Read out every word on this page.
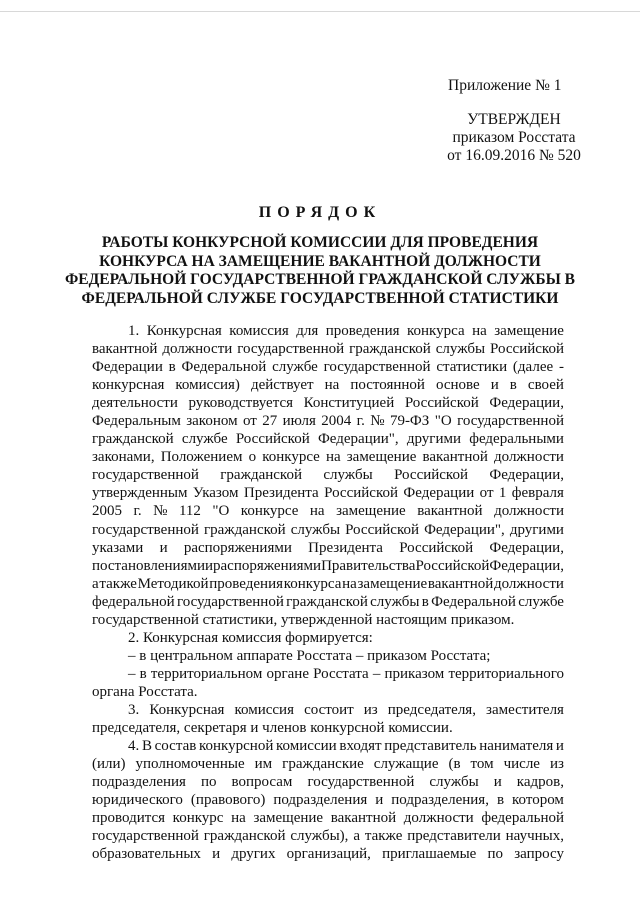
Приложение № 1
УТВЕРЖДЕН
приказом Росстата
от 16.09.2016 № 520
ПОРЯДОК
РАБОТЫ КОНКУРСНОЙ КОМИССИИ ДЛЯ ПРОВЕДЕНИЯ
КОНКУРСА НА ЗАМЕЩЕНИЕ ВАКАНТНОЙ ДОЛЖНОСТИ
ФЕДЕРАЛЬНОЙ ГОСУДАРСТВЕННОЙ ГРАЖДАНСКОЙ СЛУЖБЫ В
ФЕДЕРАЛЬНОЙ СЛУЖБЕ ГОСУДАРСТВЕННОЙ СТАТИСТИКИ
1. Конкурсная комиссия для проведения конкурса на замещение
вакантной должности государственной гражданской службы Российской
Федерации в Федеральной службе государственной статистики (далее -
конкурсная комиссия) действует на постоянной основе и в своей
деятельности руководствуется Конституцией Российской Федерации,
Федеральным законом от 27 июля 2004 г. № 79-ФЗ "О государственной
гражданской службе Российской Федерации", другими федеральными
законами, Положением о конкурсе на замещение вакантной должности
государственной гражданской службы Российской Федерации,
утвержденным Указом Президента Российской Федерации от 1 февраля
2005 г. № 112 "О конкурсе на замещение вакантной должности
государственной гражданской службы Российской Федерации", другими
указами и распоряжениями Президента Российской Федерации,
постановлениями и распоряжениями Правительства Российской Федерации,
а также Методикой проведения конкурса на замещение вакантной должности
федеральной государственной гражданской службы в Федеральной службе
государственной статистики, утвержденной настоящим приказом.
2. Конкурсная комиссия формируется:
– в центральном аппарате Росстата – приказом Росстата;
– в территориальном органе Росстата – приказом территориального
органа Росстата.
3. Конкурсная комиссия состоит из председателя, заместителя
председателя, секретаря и членов конкурсной комиссии.
4. В состав конкурсной комиссии входят представитель нанимателя и
(или) уполномоченные им гражданские служащие (в том числе из
подразделения по вопросам государственной службы и кадров,
юридического (правового) подразделения и подразделения, в котором
проводится конкурс на замещение вакантной должности федеральной
государственной гражданской службы), а также представители научных,
образовательных и других организаций, приглашаемые по запросу
